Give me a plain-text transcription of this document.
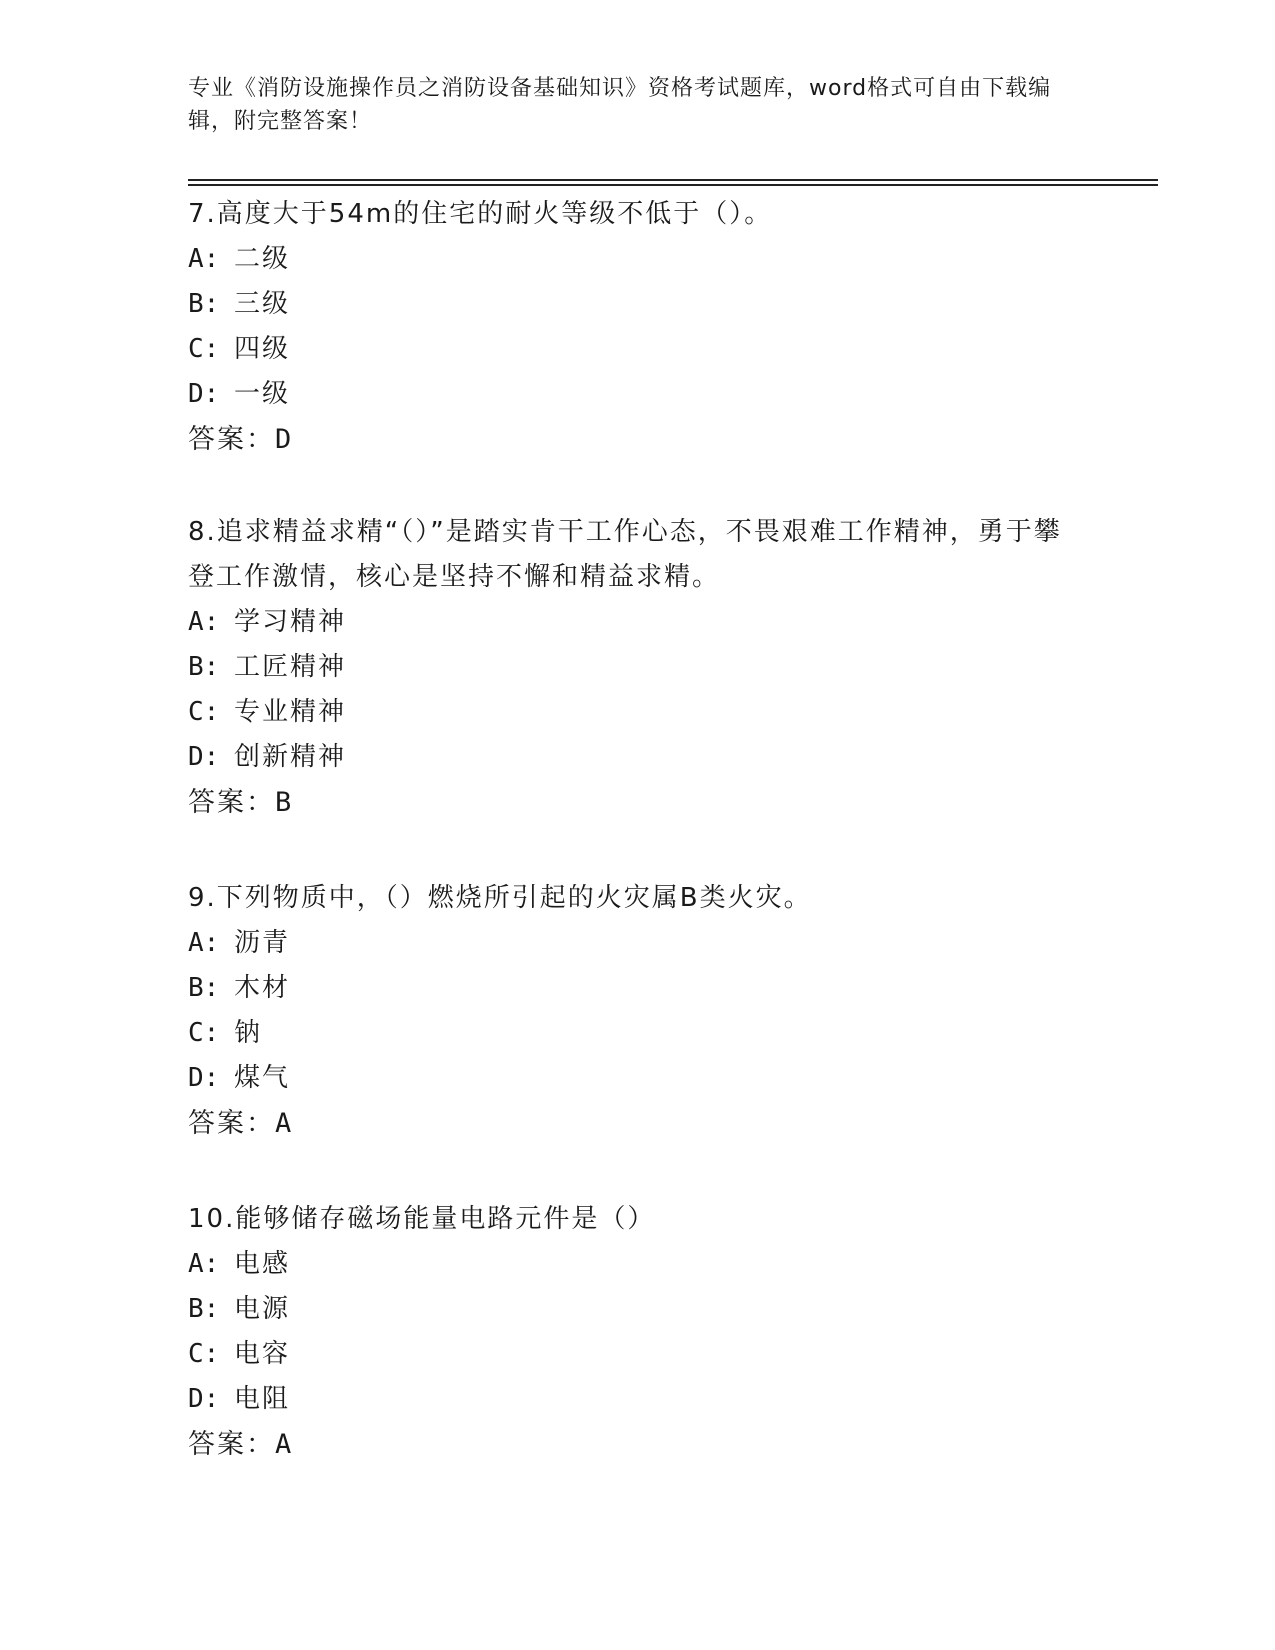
专业《消防设施操作员之消防设备基础知识》资格考试题库，word格式可自由下载编辑，附完整答案！

7.高度大于54m的住宅的耐火等级不低于（）。

A: 二级
B: 三级
C: 四级
D: 一级
答案：D

8.追求精益求精“（）”是踏实肯干工作心态，不畏艰难工作精神，勇于攀登工作激情，核心是坚持不懈和精益求精。

A: 学习精神
B: 工匠精神
C: 专业精神
D: 创新精神
答案：B

9.下列物质中，（）燃烧所引起的火灾属B类火灾。

A: 沥青
B: 木材
C: 钠
D: 煤气
答案：A

10.能够储存磁场能量电路元件是（）

A: 电感
B: 电源
C: 电容
D: 电阻
答案：A
